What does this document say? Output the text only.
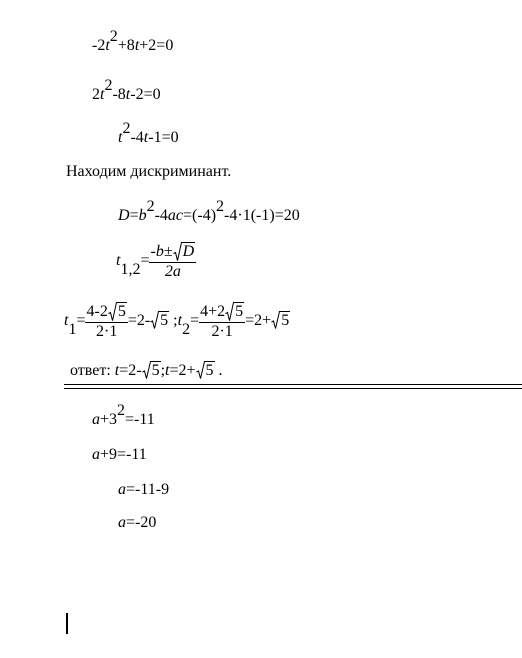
-2t2+8t+2=0
2t2-8t-2=0
t2-4t-1=0
Находим дискриминант.
D=b2-4ac=(-4)2-4·1(-1)=20
$t1,2= \frac{-b\pm D}{2a}$
$t1= \frac{4-2 5}{2\cdot 1} =2-$ 5 ;t2= $\frac{4+2 5}{2\cdot 1} =2+ 5$
ответ: t=2- 5;t=2+ 5 .
a+32=-11
a+9=-11
a=-11-9
a=-20
